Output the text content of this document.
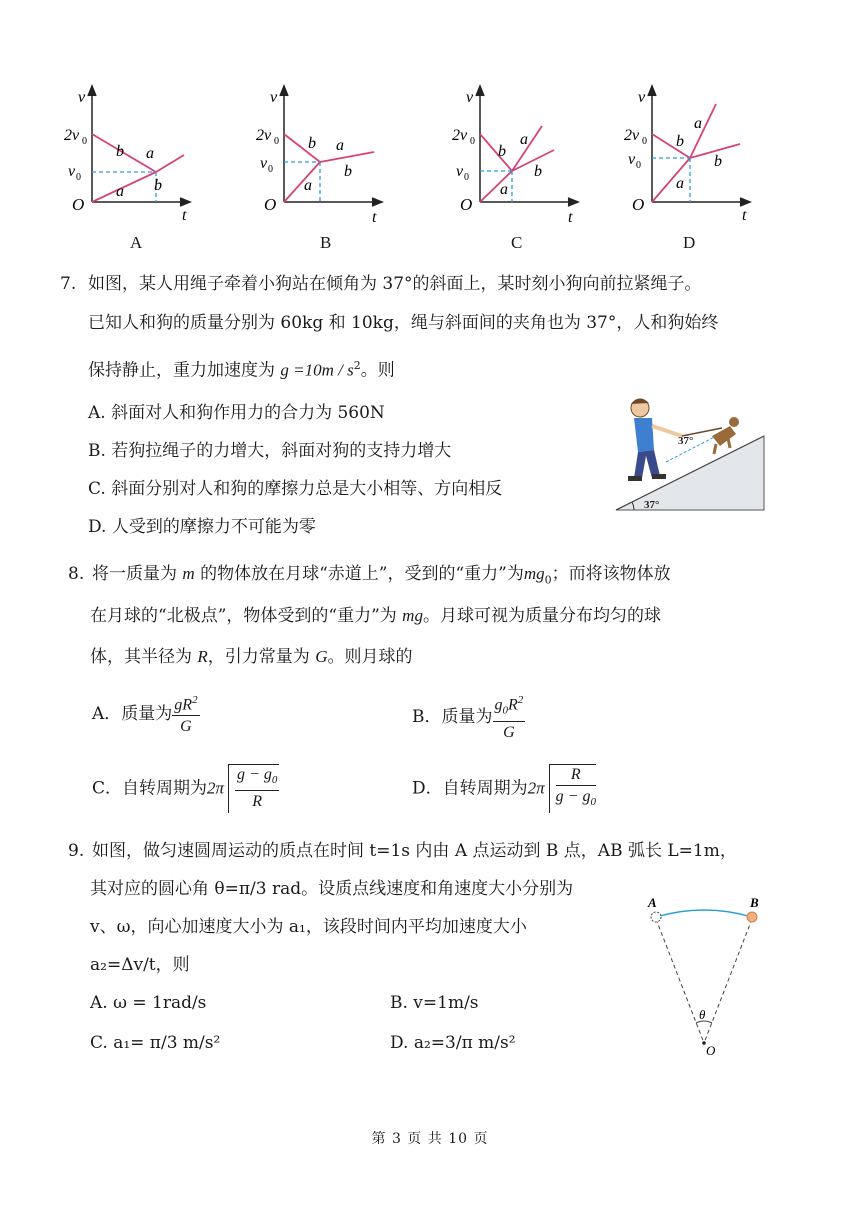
v
2v 0
v 0
O
t
b a
b
a
v
2v 0
v 0
O
t
b a
b
a
v
2v 0
v 0
O
t
b
a
b
a
v
2v 0
v 0
O
t
b
a
b
a
A	B	C	D
7. 如图，某人用绳子牵着小狗站在倾角为 37°的斜面上，某时刻小狗向前拉紧绳子。
已知人和狗的质量分别为 60kg 和 10kg，绳与斜面间的夹角也为 37°，人和狗始终
保持静止，重力加速度为 $g =10m / s^2$。则
A. 斜面对人和狗作用力的合力为 560N
B. 若狗拉绳子的力增大，斜面对狗的支持力增大
C. 斜面分别对人和狗的摩擦力总是大小相等、方向相反
D. 人受到的摩擦力不可能为零
37°
37°
8. 将一质量为 m 的物体放在月球“赤道上”，受到的“重力”为$mg_0$；而将该物体放
在月球的“北极点”，物体受到的“重力”为 mg。月球可视为质量分布均匀的球
体，其半径为 R，引力常量为 G。则月球的
A．质量为 $\frac{gR^2}{G}$	B．质量为 $\frac{g_0R^2}{G}$
C．自转周期为$2\pi \frac{g - g_0}{R}$	D．自转周期为$2\pi \frac{R}{g - g_0}$
9. 如图，做匀速圆周运动的质点在时间 t=1s 内由 A 点运动到 B 点，AB 弧长 L=1m，
其对应的圆心角 θ=π/3 rad。设质点线速度和角速度大小分别为
v、ω，向心加速度大小为 a₁，该段时间内平均加速度大小
a₂=Δv/t，则
A. ω = 1rad/s	B. v=1m/s
C. a₁= π/3 m/s²	D. a₂=3/π m/s²
A	B
θ
O
第 3 页 共 10 页
